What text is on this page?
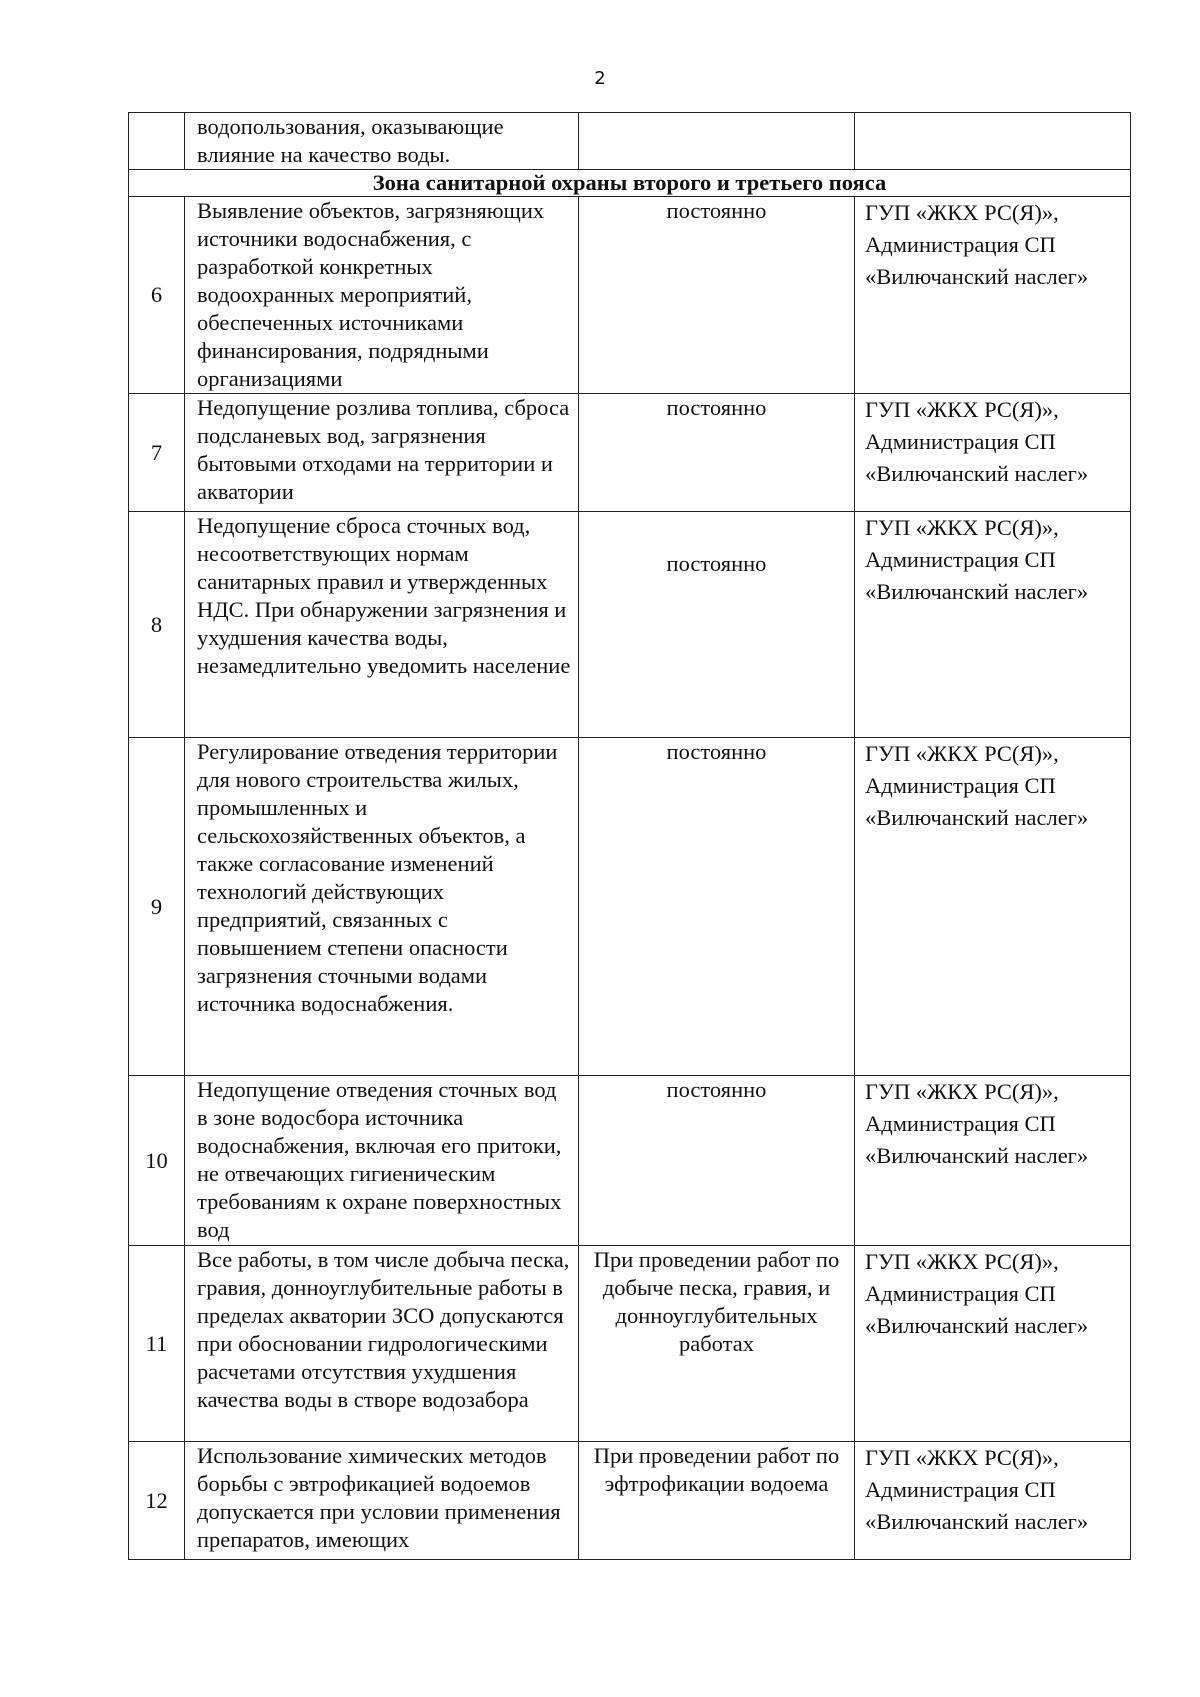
2
	водопользования, оказывающие влияние на качество воды.		
Зона санитарной охраны второго и третьего пояса			
6	Выявление объектов, загрязняющих источники водоснабжения, с разработкой конкретных водоохранных мероприятий, обеспеченных источниками финансирования, подрядными организациями	постоянно	ГУП «ЖКХ РС(Я)»,
Администрация СП «Вилючанский наслег»
7	Недопущение розлива топлива, сброса подсланевых вод, загрязнения бытовыми отходами на территории и акватории	постоянно	ГУП «ЖКХ РС(Я)»,
Администрация СП «Вилючанский наслег»
8	Недопущение сброса сточных вод, несоответствующих нормам санитарных правил и утвержденных НДС. При обнаружении загрязнения и ухудшения качества воды, незамедлительно уведомить население	постоянно	ГУП «ЖКХ РС(Я)»,
Администрация СП «Вилючанский наслег»
9	Регулирование отведения территории для нового строительства жилых, промышленных и сельскохозяйственных объектов, а также согласование изменений технологий действующих предприятий, связанных с повышением степени опасности загрязнения сточными водами источника водоснабжения.	постоянно	ГУП «ЖКХ РС(Я)»,
Администрация СП «Вилючанский наслег»
10	Недопущение отведения сточных вод в зоне водосбора источника водоснабжения, включая его притоки, не отвечающих гигиеническим требованиям к охране поверхностных вод	постоянно	ГУП «ЖКХ РС(Я)»,
Администрация СП «Вилючанский наслег»
11	Все работы, в том числе добыча песка, гравия, донноуглубительные работы в пределах акватории ЗСО допускаются при обосновании гидрологическими расчетами отсутствия ухудшения качества воды в створе водозабора	При проведении работ по добыче песка, гравия, и донноуглубительных работах	ГУП «ЖКХ РС(Я)»,
Администрация СП «Вилючанский наслег»
12	Использование химических методов борьбы с эвтрофикацией водоемов допускается при условии применения препаратов, имеющих	При проведении работ по эфтрофикации водоема	ГУП «ЖКХ РС(Я)»,
Администрация СП «Вилючанский наслег»
